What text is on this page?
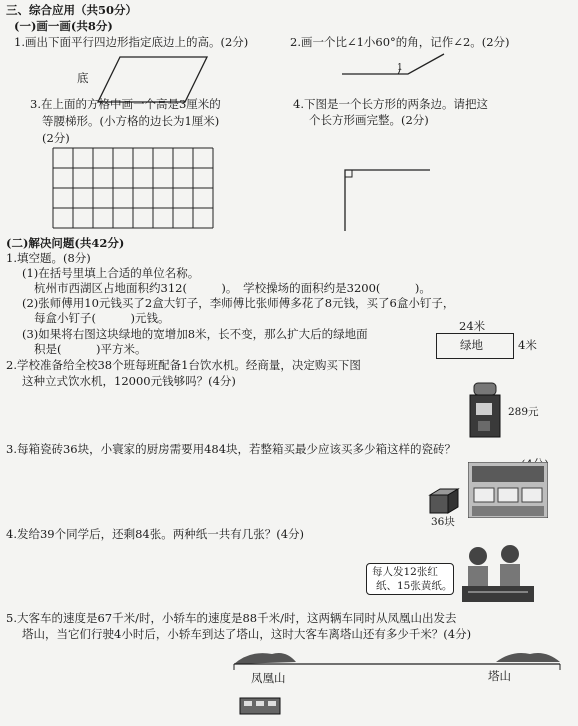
三、综合应用（共50分）
(一)画一画(共8分)
1.画出下面平行四边形指定底边上的高。(2分)
底
2.画一个比∠1小60°的角，记作∠2。(2分)
1
3.在上面的方格中画一个高是3厘米的
等腰梯形。(小方格的边长为1厘米)
(2分)
4.下图是一个长方形的两条边。请把这
个长方形画完整。(2分)
(二)解决问题(共42分)
1.填空题。(8分)
(1)在括号里填上合适的单位名称。
杭州市西湖区占地面积约312(　　　)。　学校操场的面积约是3200(　　　)。
(2)张师傅用10元钱买了2盒大钉子，李师傅比张师傅多花了8元钱，买了6盒小钉子，
每盒小钉子(　　　)元钱。
(3)如果将右图这块绿地的宽增加8米，长不变，那么扩大后的绿地面
积是(　　　)平方米。
24米
绿地	4米
2.学校准备给全校38个班每班配备1台饮水机。经商量，决定购买下图
这种立式饮水机，12000元钱够吗？(4分)
289元
3.每箱瓷砖36块，小寰家的厨房需要用484块，若整箱买最少应该买多少箱这样的瓷砖？
36块
4.发给39个同学后，还剩84张。两种纸一共有几张？(4分)
每人发12张红
纸、15张黄纸。
5.大客车的速度是67千米/时，小轿车的速度是88千米/时，这两辆车同时从凤凰山出发去
塔山，当它们行驶4小时后，小轿车到达了塔山，这时大客车离塔山还有多少千米？(4分)
凤凰山	塔山
